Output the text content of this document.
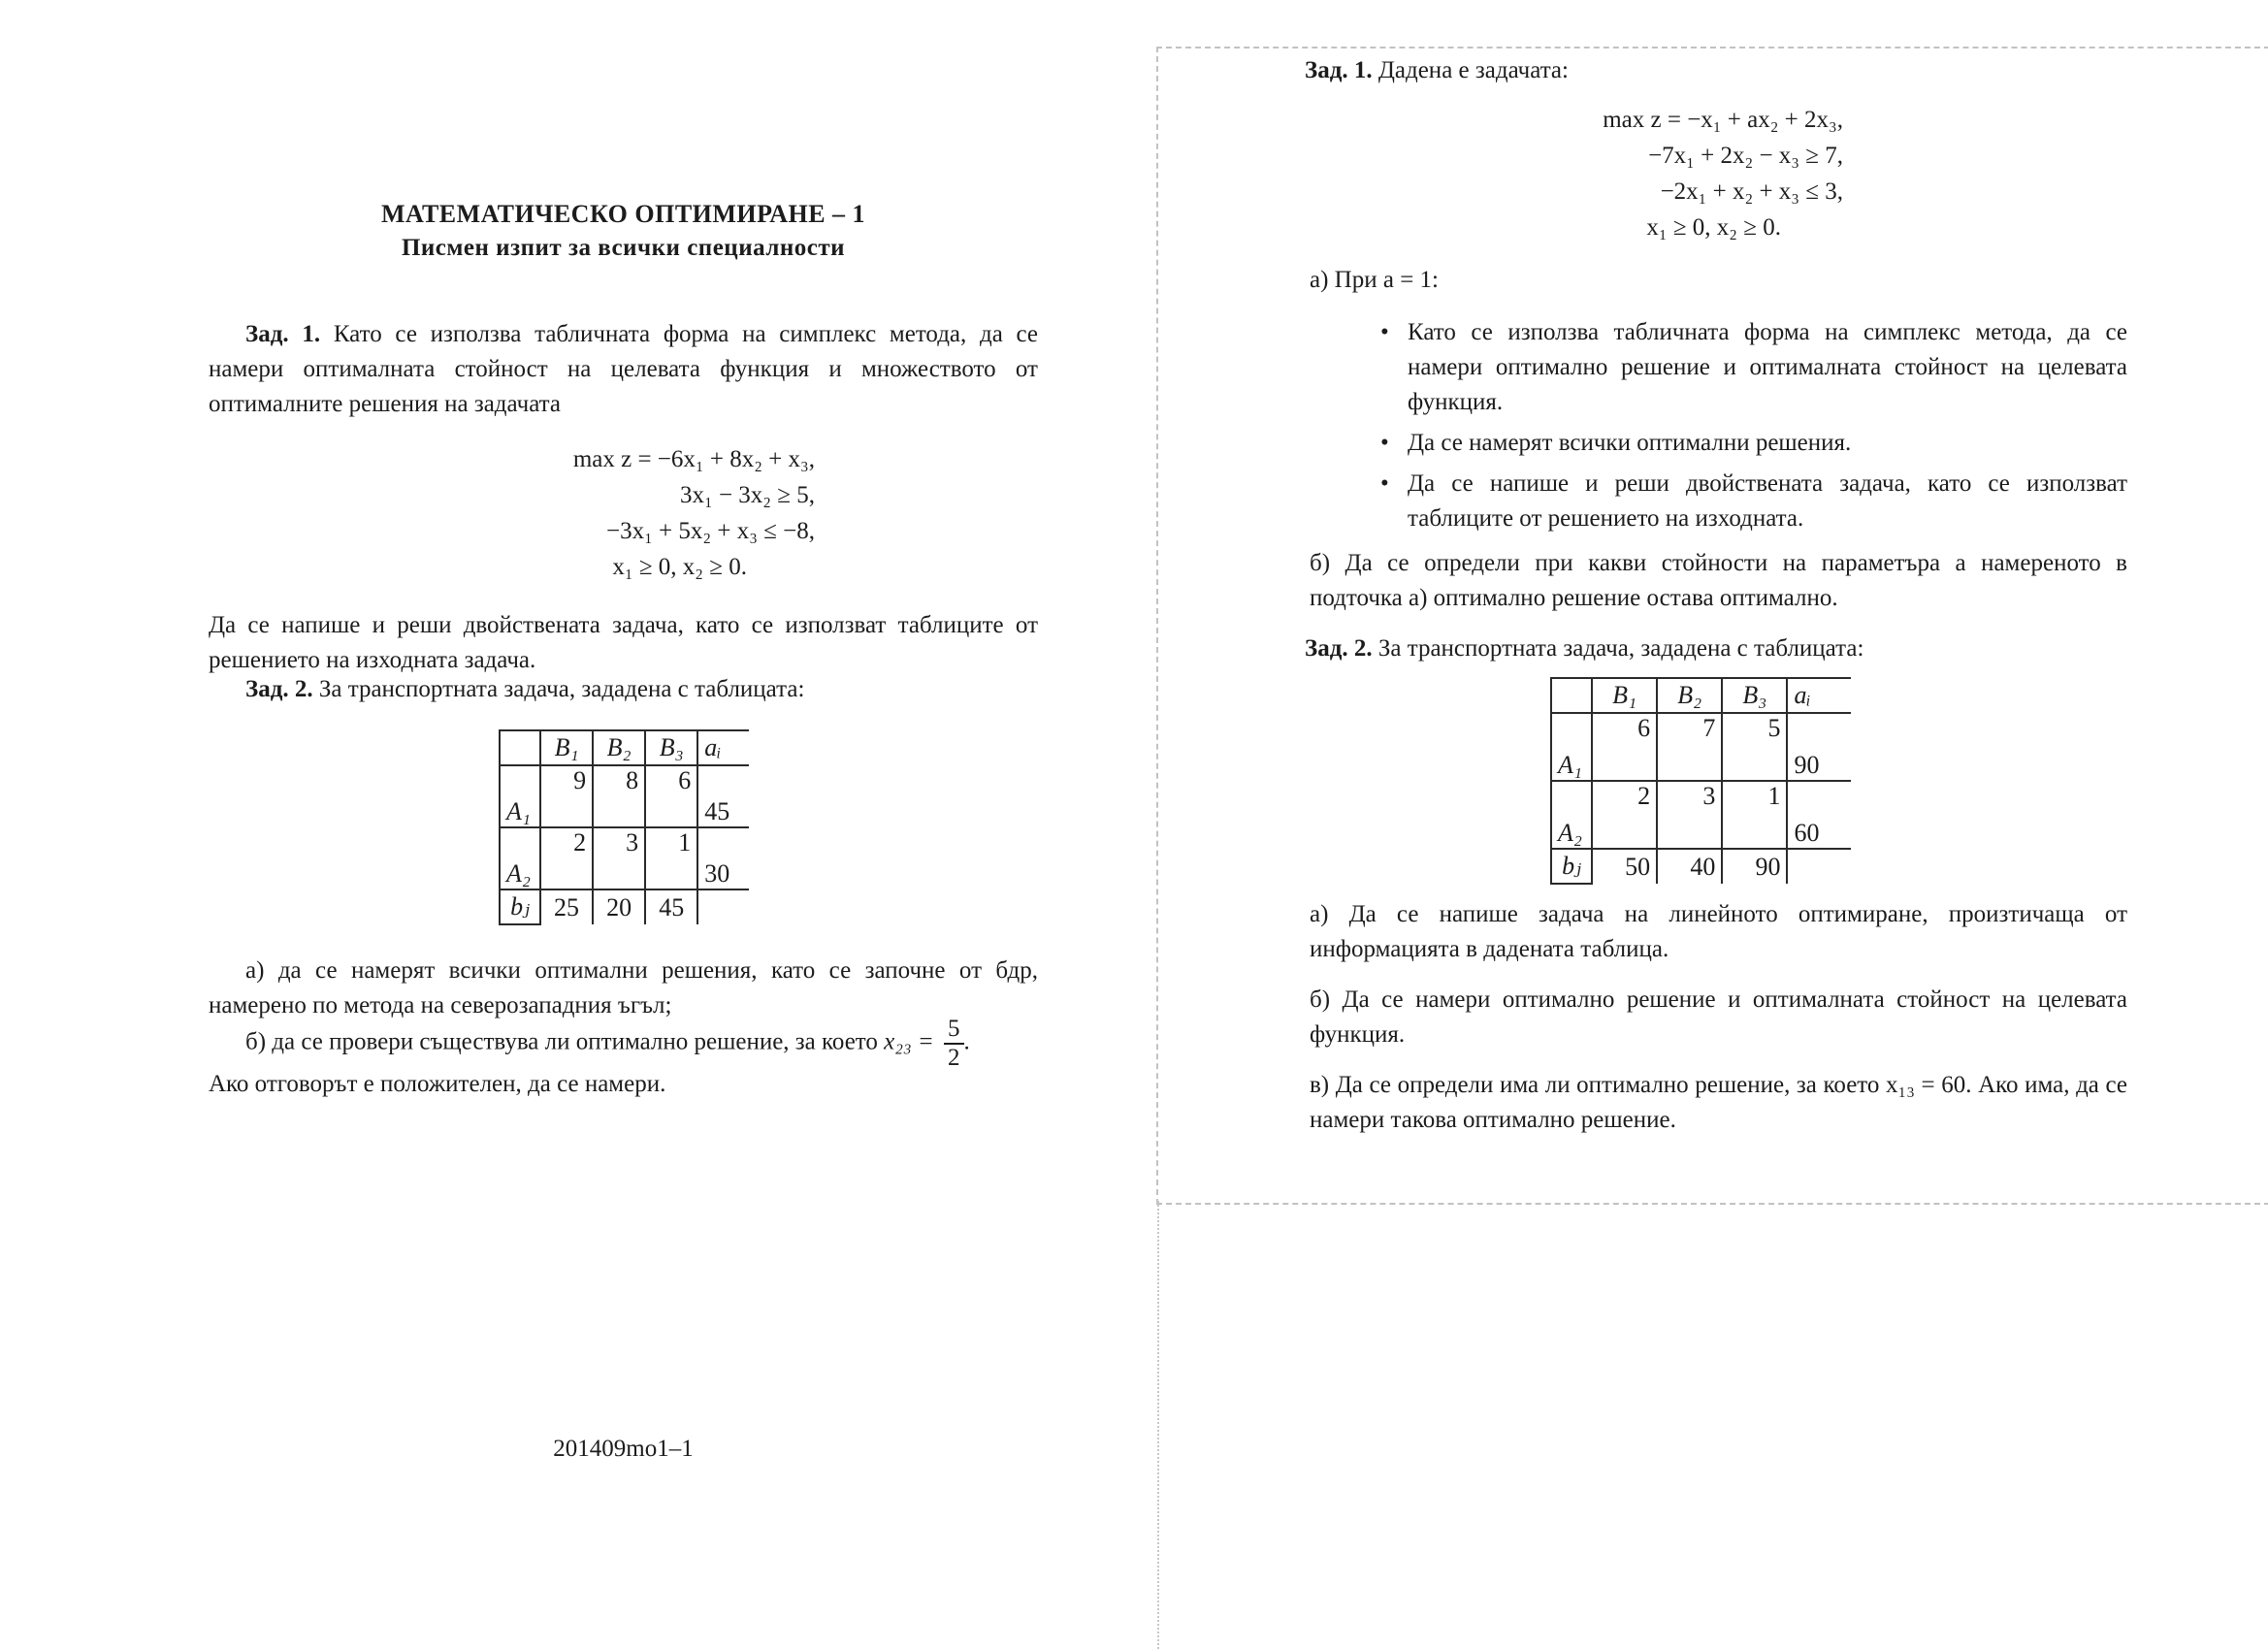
МАТЕМАТИЧЕСКО ОПТИМИРАНЕ – 1
Писмен изпит за всички специалности
Зад. 1. Като се използва табличната форма на симплекс метода, да се намери оптималната стойност на целевата функция и множеството от оптималните решения на задачата
max z = −6x₁ + 8x₂ + x₃,
3x₁ − 3x₂ ≥ 5,
−3x₁ + 5x₂ + x₃ ≤ −8,
x₁ ≥ 0, x₂ ≥ 0.
Да се напише и реши двойствената задача, като се използват таблиците от решението на изходната задача.
Зад. 2. За транспортната задача, зададена с таблицата:
	B₁	B₂	B₃	aᵢ
A₁	9	8	6	45
A₂	2	3	1	30
bⱼ	25	20	45	
а) да се намерят всички оптимални решения, като се започне от бдр, намерено по метода на северозападния ъгъл;
б) да се провери съществува ли оптимално решение, за което $x_{23} = \frac{5}{2}$ .
Ако отговорът е положителен, да се намери.
201409mo1–1
Зад. 1. Дадена е задачата:
max z = −x₁ + ax₂ + 2x₃,
−7x₁ + 2x₂ − x₃ ≥ 7,
−2x₁ + x₂ + x₃ ≤ 3,
x₁ ≥ 0, x₂ ≥ 0.
а) При a = 1:
• Като се използва табличната форма на симплекс метода, да се намери оптимално решение и оптималната стойност на целевата функция.
• Да се намерят всички оптимални решения.
• Да се напише и реши двойствената задача, като се използват таблиците от решението на изходната.
б) Да се определи при какви стойности на параметъра a намереното в подточка а) оптимално решение остава оптимално.
Зад. 2. За транспортната задача, зададена с таблицата:
	B₁	B₂	B₃	aᵢ
A₁	6	7	5	90
A₂	2	3	1	60
bⱼ	50	40	90	
а) Да се напише задача на линейното оптимиране, произтичаща от информацията в дадената таблица.
б) Да се намери оптимално решение и оптималната стойност на целевата функция.
в) Да се определи има ли оптимално решение, за което x₁₃ = 60. Ако има, да се намери такова оптимално решение.
